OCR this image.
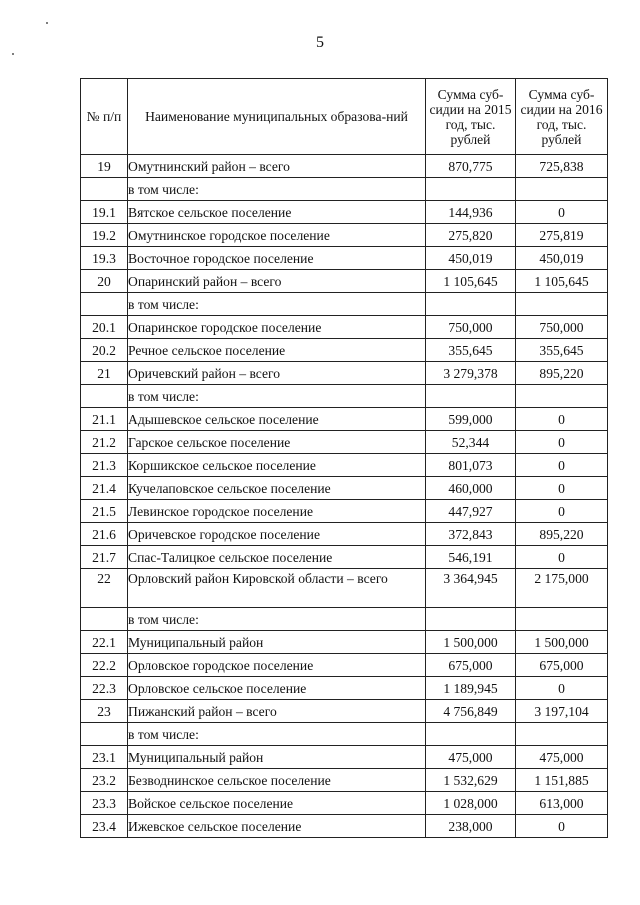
5
№ п/п	Наименование муниципальных образова-ний	Сумма суб-сидии на 2015 год, тыс. рублей	Сумма суб-сидии на 2016 год, тыс. рублей
19	Омутнинский район – всего	870,775	725,838
	в том числе:		
19.1	Вятское сельское поселение	144,936	0
19.2	Омутнинское городское поселение	275,820	275,819
19.3	Восточное городское поселение	450,019	450,019
20	Опаринский район – всего	1 105,645	1 105,645
	в том числе:		
20.1	Опаринское городское поселение	750,000	750,000
20.2	Речное сельское поселение	355,645	355,645
21	Оричевский район – всего	3 279,378	895,220
	в том числе:		
21.1	Адышевское сельское поселение	599,000	0
21.2	Гарское сельское поселение	52,344	0
21.3	Коршикское сельское поселение	801,073	0
21.4	Кучелаповское сельское поселение	460,000	0
21.5	Левинское городское поселение	447,927	0
21.6	Оричевское городское поселение	372,843	895,220
21.7	Спас-Талицкое сельское поселение	546,191	0
22	Орловский район Кировской области – всего	3 364,945	2 175,000
	в том числе:		
22.1	Муниципальный район	1 500,000	1 500,000
22.2	Орловское городское поселение	675,000	675,000
22.3	Орловское сельское поселение	1 189,945	0
23	Пижанский район – всего	4 756,849	3 197,104
	в том числе:		
23.1	Муниципальный район	475,000	475,000
23.2	Безводнинское сельское поселение	1 532,629	1 151,885
23.3	Войское сельское поселение	1 028,000	613,000
23.4	Ижевское сельское поселение	238,000	0
